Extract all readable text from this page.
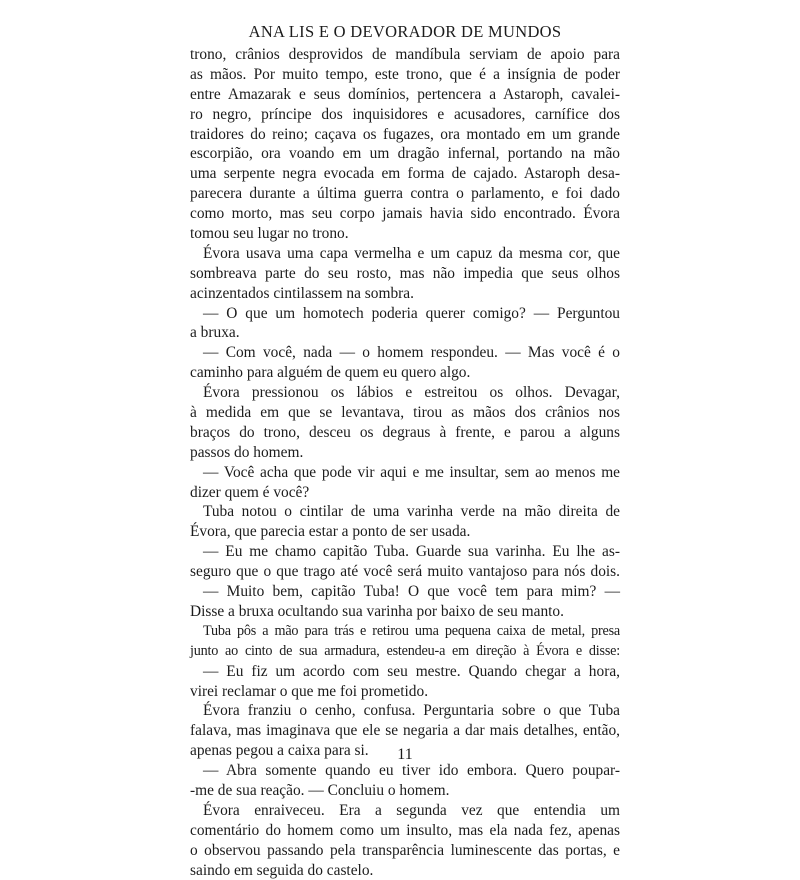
ANA LIS E O DEVORADOR DE MUNDOS
trono, crânios desprovidos de mandíbula serviam de apoio para
as mãos. Por muito tempo, este trono, que é a insígnia de poder
entre Amazarak e seus domínios, pertencera a Astaroph, cavalei-
ro negro, príncipe dos inquisidores e acusadores, carnífice dos
traidores do reino; caçava os fugazes, ora montado em um grande
escorpião, ora voando em um dragão infernal, portando na mão
uma serpente negra evocada em forma de cajado. Astaroph desa-
parecera durante a última guerra contra o parlamento, e foi dado
como morto, mas seu corpo jamais havia sido encontrado. Évora
tomou seu lugar no trono.
Évora usava uma capa vermelha e um capuz da mesma cor, que
sombreava parte do seu rosto, mas não impedia que seus olhos
acinzentados cintilassem na sombra.
— O que um homotech poderia querer comigo? — Perguntou
a bruxa.
— Com você, nada — o homem respondeu. — Mas você é o
caminho para alguém de quem eu quero algo.
Évora pressionou os lábios e estreitou os olhos. Devagar,
à medida em que se levantava, tirou as mãos dos crânios nos
braços do trono, desceu os degraus à frente, e parou a alguns
passos do homem.
— Você acha que pode vir aqui e me insultar, sem ao menos me
dizer quem é você?
Tuba notou o cintilar de uma varinha verde na mão direita de
Évora, que parecia estar a ponto de ser usada.
— Eu me chamo capitão Tuba. Guarde sua varinha. Eu lhe as-
seguro que o que trago até você será muito vantajoso para nós dois.
— Muito bem, capitão Tuba! O que você tem para mim? —
Disse a bruxa ocultando sua varinha por baixo de seu manto.
Tuba pôs a mão para trás e retirou uma pequena caixa de metal, presa
junto ao cinto de sua armadura, estendeu-a em direção à Évora e disse:
— Eu fiz um acordo com seu mestre. Quando chegar a hora,
virei reclamar o que me foi prometido.
Évora franziu o cenho, confusa. Perguntaria sobre o que Tuba
falava, mas imaginava que ele se negaria a dar mais detalhes, então,
apenas pegou a caixa para si.
— Abra somente quando eu tiver ido embora. Quero poupar-
-me de sua reação. — Concluiu o homem.
Évora enraiveceu. Era a segunda vez que entendia um
comentário do homem como um insulto, mas ela nada fez, apenas
o observou passando pela transparência luminescente das portas, e
saindo em seguida do castelo.
11
